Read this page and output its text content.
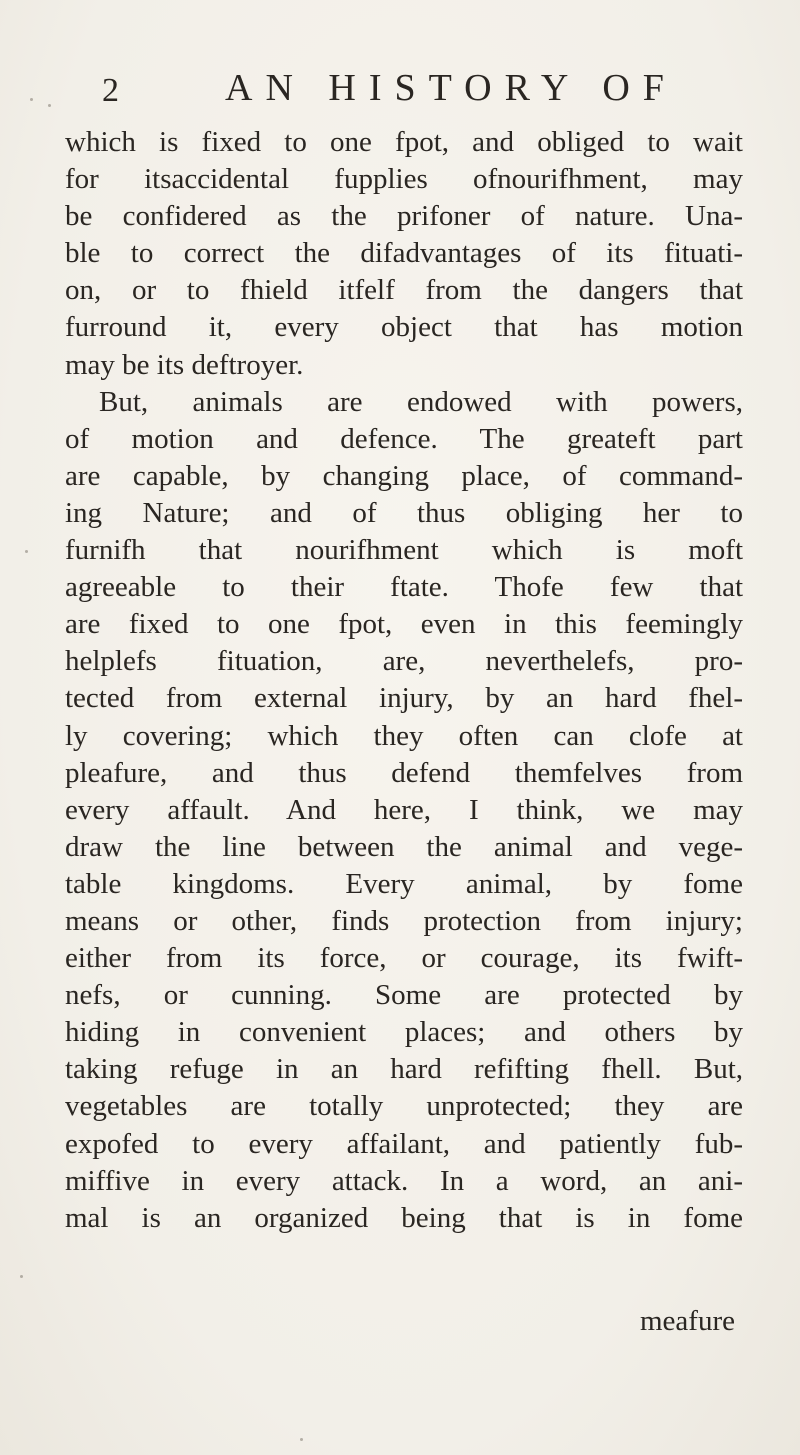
2	AN HISTORY OF
which is fixed to one fpot, and obliged to wait
for itsaccidental fupplies ofnourifhment, may
be confidered as the prifoner of nature. Una-
ble to correct the difadvantages of its fituati-
on, or to fhield itfelf from the dangers that
furround it, every object that has motion
may be its deftroyer.
But, animals are endowed with powers,
of motion and defence. The greateft part
are capable, by changing place, of command-
ing Nature; and of thus obliging her to
furnifh that nourifhment which is moft
agreeable to their ftate. Thofe few that
are fixed to one fpot, even in this feemingly
helplefs fituation, are, neverthelefs, pro-
tected from external injury, by an hard fhel-
ly covering; which they often can clofe at
pleafure, and thus defend themfelves from
every affault. And here, I think, we may
draw the line between the animal and vege-
table kingdoms. Every animal, by fome
means or other, finds protection from injury;
either from its force, or courage, its fwift-
nefs, or cunning. Some are protected by
hiding in convenient places; and others by
taking refuge in an hard refifting fhell. But,
vegetables are totally unprotected; they are
expofed to every affailant, and patiently fub-
miffive in every attack. In a word, an ani-
mal is an organized being that is in fome
meafure
